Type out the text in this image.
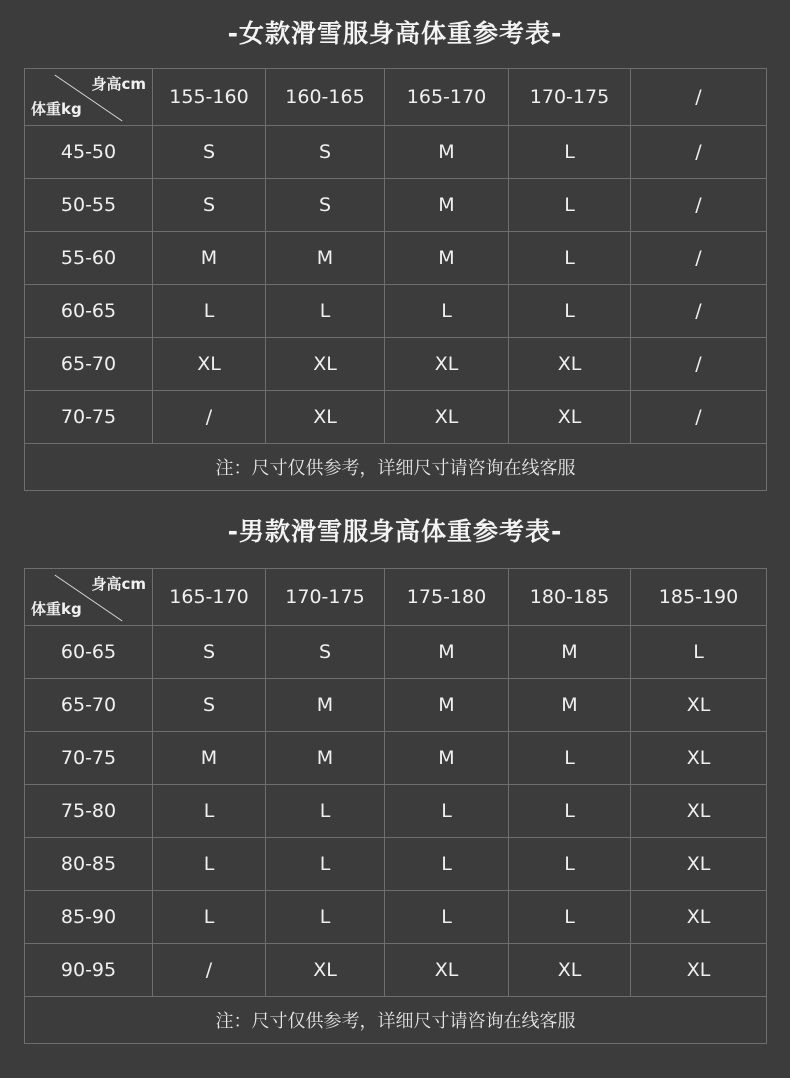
-女款滑雪服身高体重参考表-
身高cm
体重kg	155-160	160-165	165-170	170-175	/
45-50	S	S	M	L	/
50-55	S	S	M	L	/
55-60	M	M	M	L	/
60-65	L	L	L	L	/
65-70	XL	XL	XL	XL	/
70-75	/	XL	XL	XL	/
注：尺寸仅供参考，详细尺寸请咨询在线客服					
-男款滑雪服身高体重参考表-
身高cm
体重kg	165-170	170-175	175-180	180-185	185-190
60-65	S	S	M	M	L
65-70	S	M	M	M	XL
70-75	M	M	M	L	XL
75-80	L	L	L	L	XL
80-85	L	L	L	L	XL
85-90	L	L	L	L	XL
90-95	/	XL	XL	XL	XL
注：尺寸仅供参考，详细尺寸请咨询在线客服					
